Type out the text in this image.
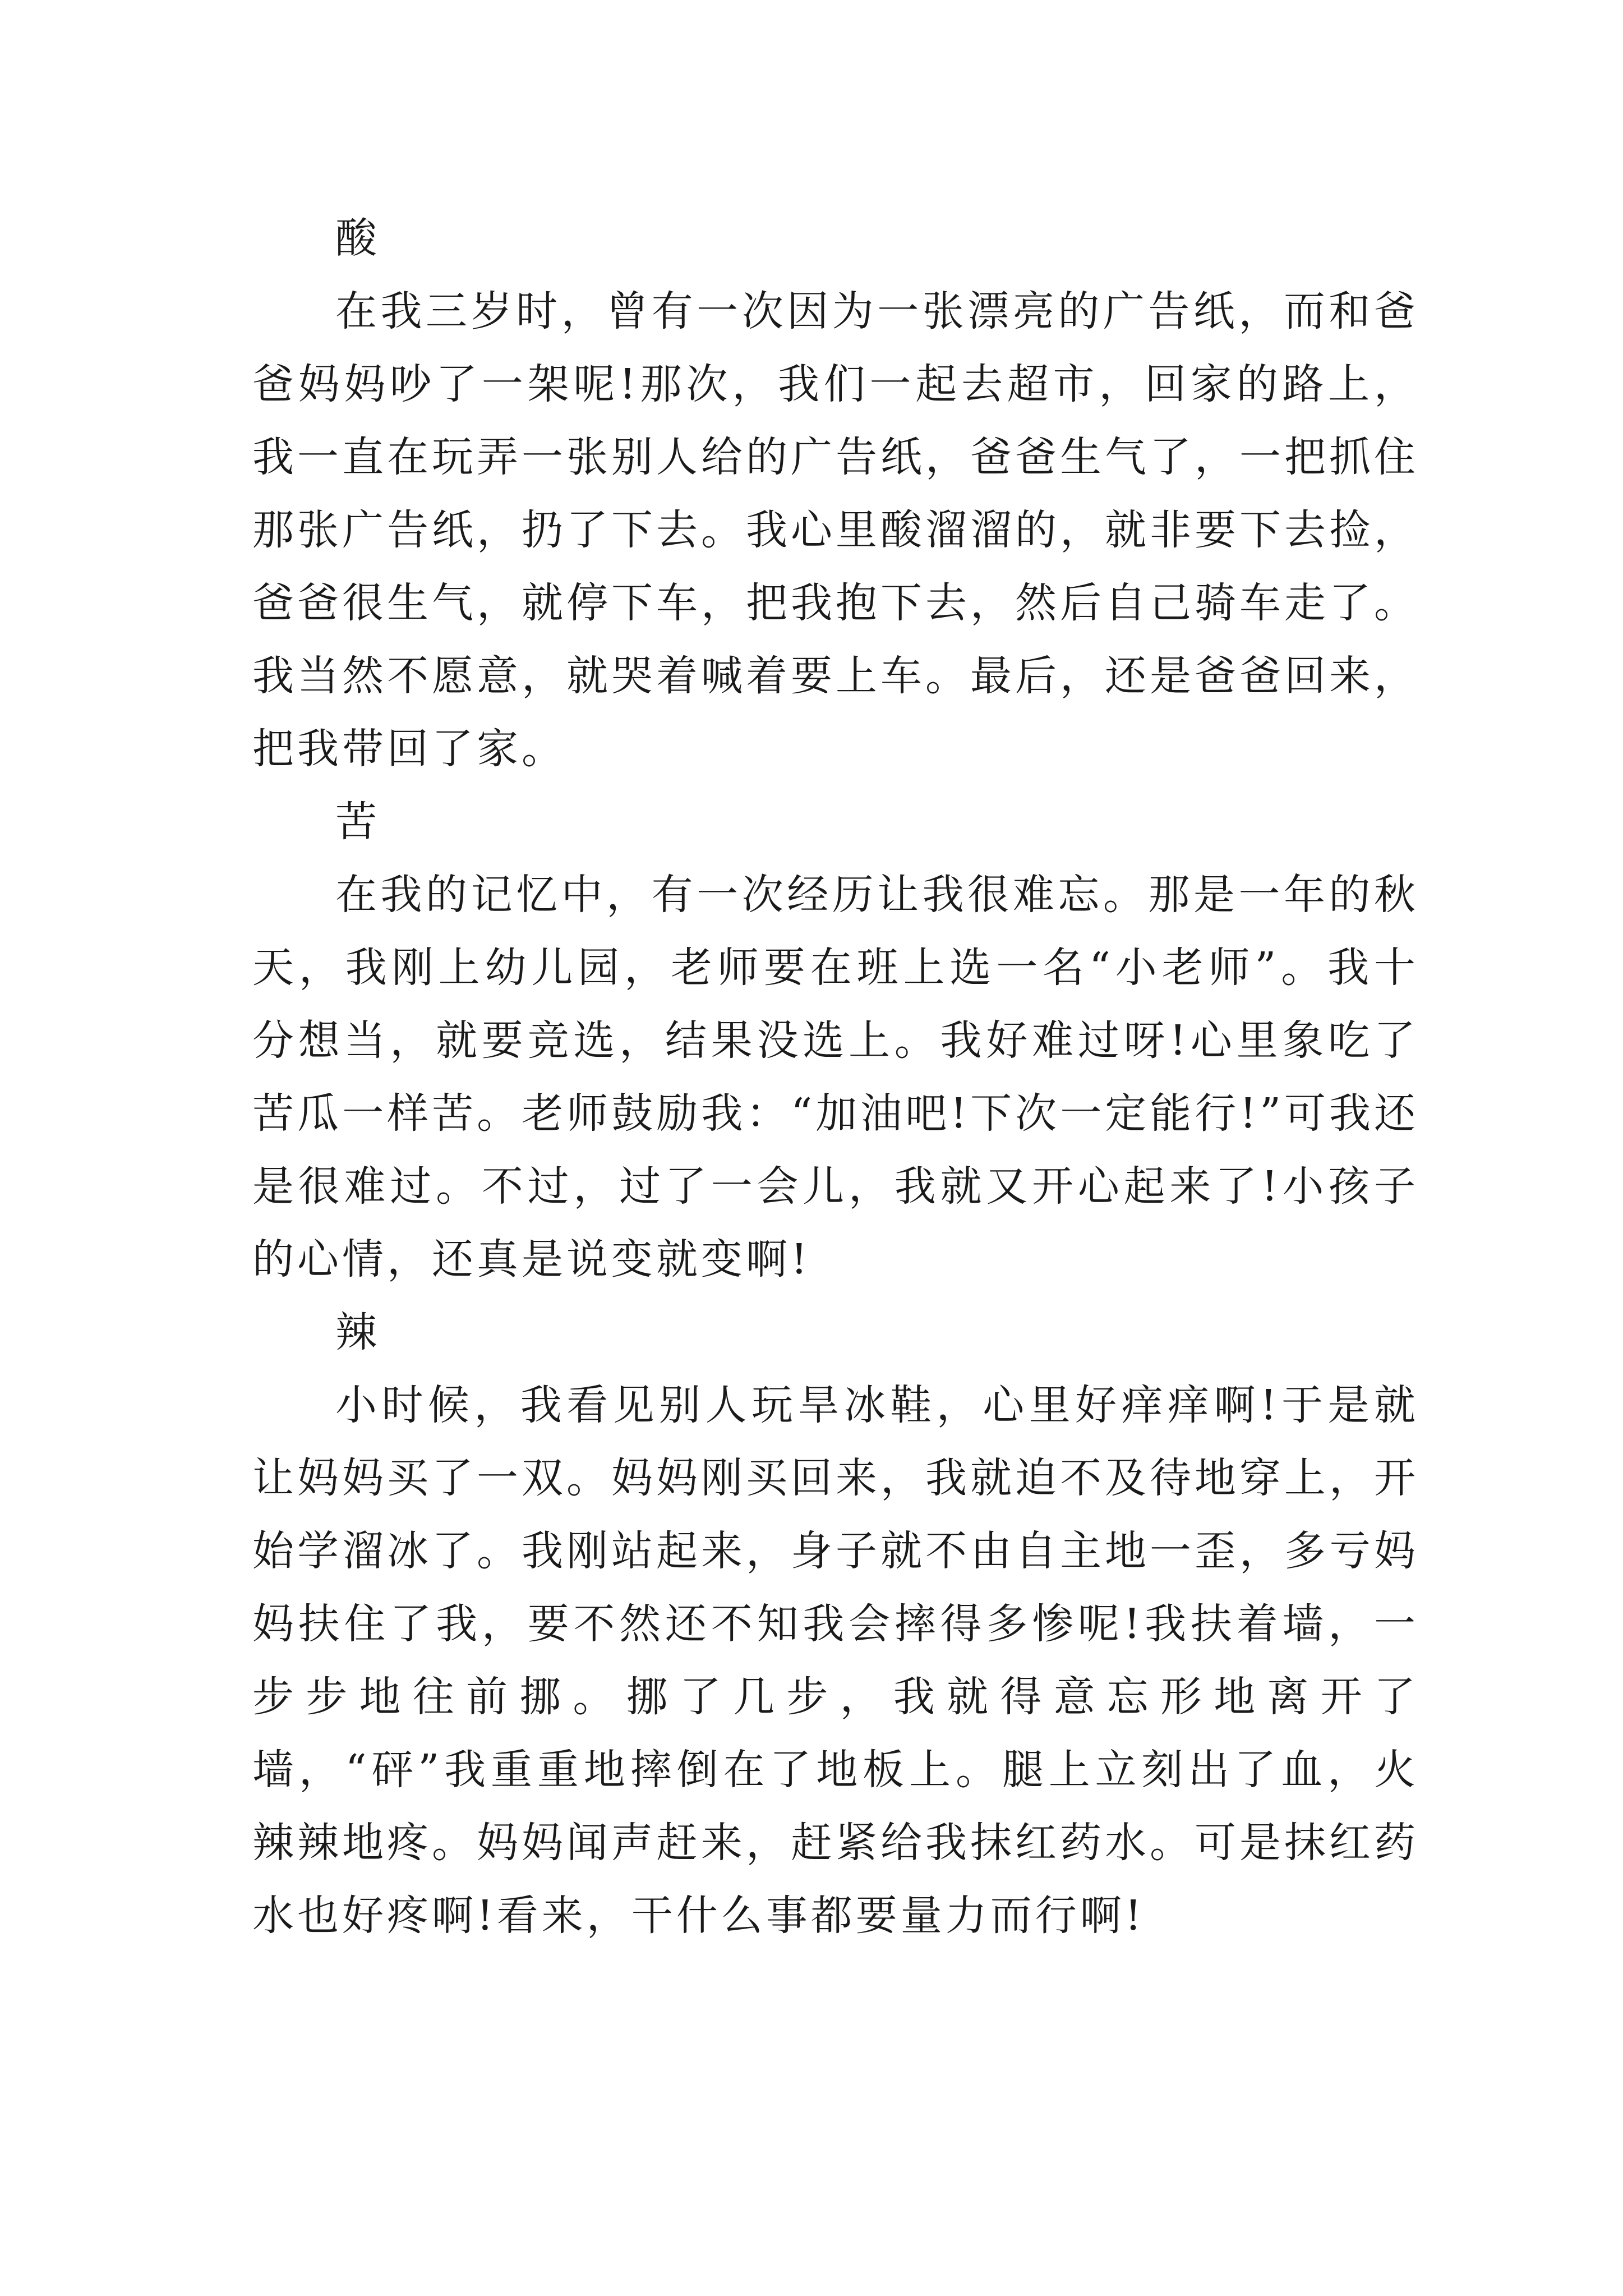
酸

在我三岁时，曾有一次因为一张漂亮的广告纸，而和爸爸妈妈吵了一架呢!那次，我们一起去超市，回家的路上，我一直在玩弄一张别人给的广告纸，爸爸生气了，一把抓住那张广告纸，扔了下去。我心里酸溜溜的，就非要下去捡，爸爸很生气，就停下车，把我抱下去，然后自己骑车走了。我当然不愿意，就哭着喊着要上车。最后，还是爸爸回来，把我带回了家。

苦

在我的记忆中，有一次经历让我很难忘。那是一年的秋天，我刚上幼儿园，老师要在班上选一名“小老师”。我十分想当，就要竞选，结果没选上。我好难过呀!心里象吃了苦瓜一样苦。老师鼓励我：“加油吧!下次一定能行!”可我还是很难过。不过，过了一会儿，我就又开心起来了!小孩子的心情，还真是说变就变啊!

辣

小时候，我看见别人玩旱冰鞋，心里好痒痒啊!于是就让妈妈买了一双。妈妈刚买回来，我就迫不及待地穿上，开始学溜冰了。我刚站起来，身子就不由自主地一歪，多亏妈妈扶住了我，要不然还不知我会摔得多惨呢!我扶着墙，一步步地往前挪。挪了几步，我就得意忘形地离开了墙，“砰”我重重地摔倒在了地板上。腿上立刻出了血，火辣辣地疼。妈妈闻声赶来，赶紧给我抹红药水。可是抹红药水也好疼啊!看来，干什么事都要量力而行啊!
